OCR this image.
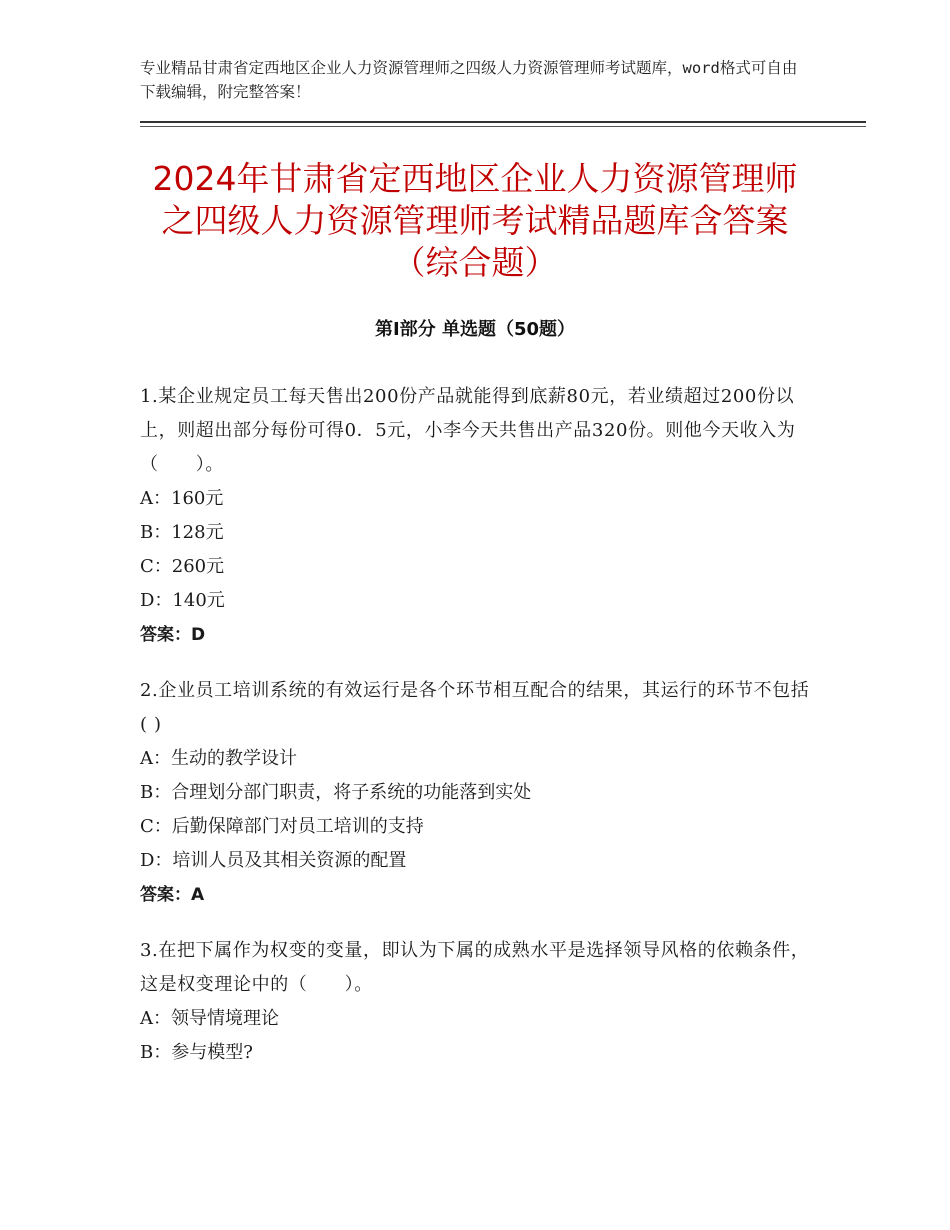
专业精品甘肃省定西地区企业人力资源管理师之四级人力资源管理师考试题库，word格式可自由下载编辑，附完整答案！
2024年甘肃省定西地区企业人力资源管理师
之四级人力资源管理师考试精品题库含答案
（综合题）
第Ⅰ部分 单选题（50题）
1.某企业规定员工每天售出200份产品就能得到底薪80元，若业绩超过200份以上，则超出部分每份可得0．5元，小李今天共售出产品320份。则他今天收入为（　　）。
A：160元
B：128元
C：260元
D：140元
答案：D
2.企业员工培训系统的有效运行是各个环节相互配合的结果，其运行的环节不包括( )
A：生动的教学设计
B：合理划分部门职责，将子系统的功能落到实处
C：后勤保障部门对员工培训的支持
D：培训人员及其相关资源的配置
答案：A
3.在把下属作为权变的变量，即认为下属的成熟水平是选择领导风格的依赖条件，这是权变理论中的（　　）。
A：领导情境理论
B：参与模型?
